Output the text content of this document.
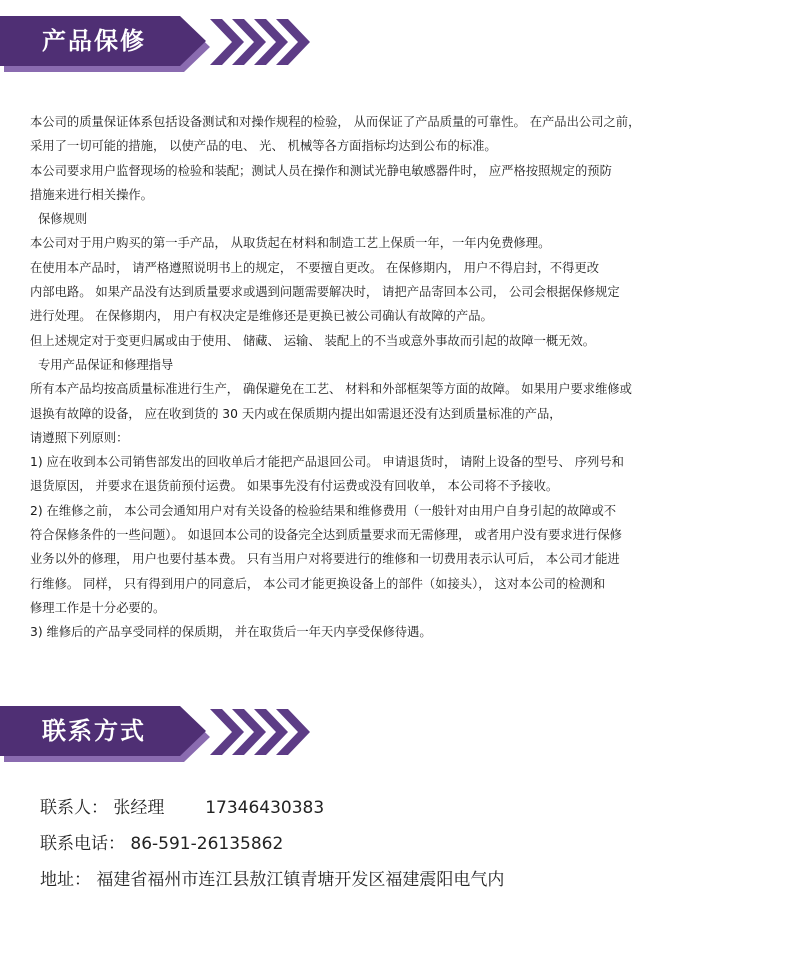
产品保修

本公司的质量保证体系包括设备测试和对操作规程的检验， 从而保证了产品质量的可靠性。 在产品出公司之前，

采用了一切可能的措施， 以使产品的电、 光、 机械等各方面指标均达到公布的标准。

本公司要求用户监督现场的检验和装配；测试人员在操作和测试光静电敏感器件时， 应严格按照规定的预防

措施来进行相关操作。

保修规则

本公司对于用户购买的第一手产品， 从取货起在材料和制造工艺上保质一年，一年内免费修理。

在使用本产品时， 请严格遵照说明书上的规定， 不要擅自更改。 在保修期内， 用户不得启封，不得更改

内部电路。 如果产品没有达到质量要求或遇到问题需要解决时， 请把产品寄回本公司， 公司会根据保修规定

进行处理。 在保修期内， 用户有权决定是维修还是更换已被公司确认有故障的产品。

但上述规定对于变更归属或由于使用、 储藏、 运输、 装配上的不当或意外事故而引起的故障一概无效。

专用产品保证和修理指导

所有本产品均按高质量标准进行生产， 确保避免在工艺、 材料和外部框架等方面的故障。 如果用户要求维修或

退换有故障的设备， 应在收到货的 30 天内或在保质期内提出如需退还没有达到质量标准的产品，

请遵照下列原则：

1) 应在收到本公司销售部发出的回收单后才能把产品退回公司。 申请退货时， 请附上设备的型号、 序列号和

退货原因， 并要求在退货前预付运费。 如果事先没有付运费或没有回收单， 本公司将不予接收。

2) 在维修之前， 本公司会通知用户对有关设备的检验结果和维修费用（一般针对由用户自身引起的故障或不

符合保修条件的一些问题）。 如退回本公司的设备完全达到质量要求而无需修理， 或者用户没有要求进行保修

业务以外的修理， 用户也要付基本费。 只有当用户对将要进行的维修和一切费用表示认可后， 本公司才能进

行维修。 同样， 只有得到用户的同意后， 本公司才能更换设备上的部件（如接头）， 这对本公司的检测和

修理工作是十分必要的。

3) 维修后的产品享受同样的保质期， 并在取货后一年天内享受保修待遇。

联系方式

联系人： 张经理 17346430383

联系电话： 86-591-26135862

地址： 福建省福州市连江县敖江镇青塘开发区福建震阳电气内
